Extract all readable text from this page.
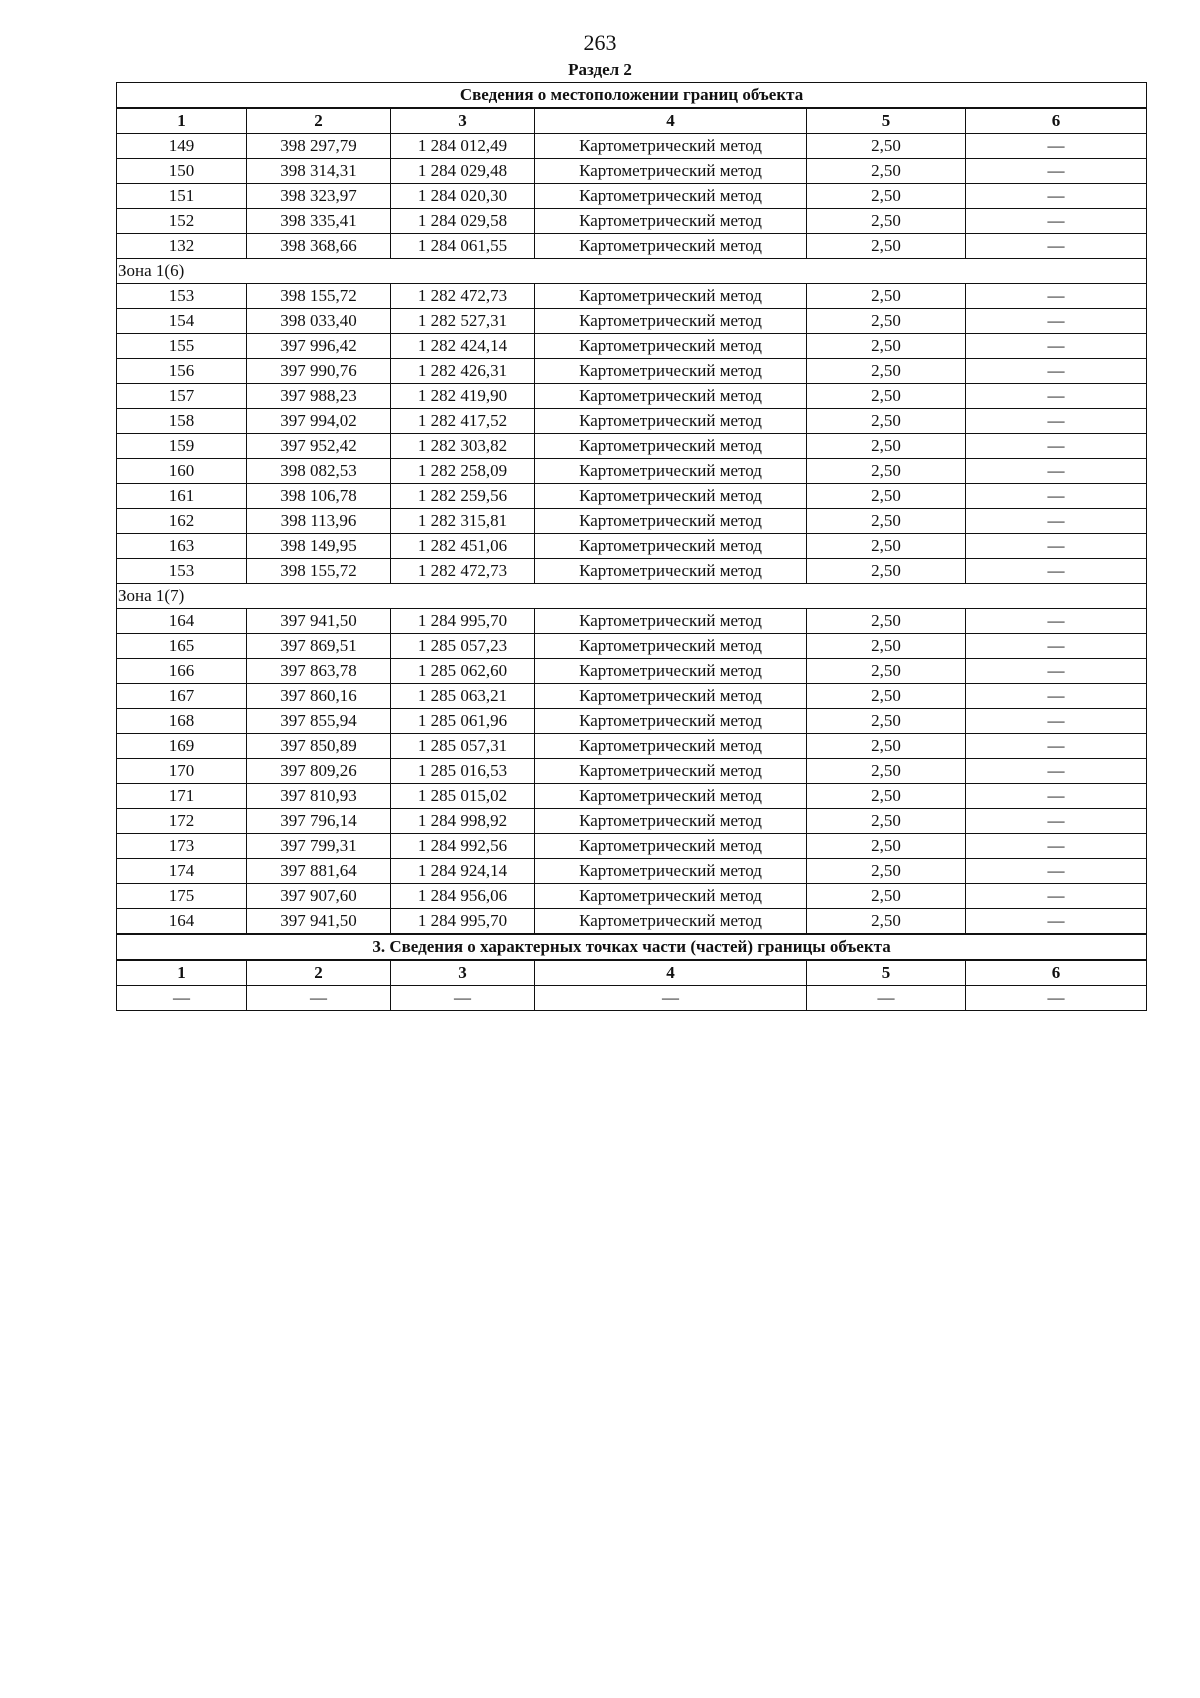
263
Раздел 2
Сведения о местоположении границ объекта					
1	2	3	4	5	6
149	398 297,79	1 284 012,49	Картометрический метод	2,50	—
150	398 314,31	1 284 029,48	Картометрический метод	2,50	—
151	398 323,97	1 284 020,30	Картометрический метод	2,50	—
152	398 335,41	1 284 029,58	Картометрический метод	2,50	—
132	398 368,66	1 284 061,55	Картометрический метод	2,50	—
Зона 1(6)					
153	398 155,72	1 282 472,73	Картометрический метод	2,50	—
154	398 033,40	1 282 527,31	Картометрический метод	2,50	—
155	397 996,42	1 282 424,14	Картометрический метод	2,50	—
156	397 990,76	1 282 426,31	Картометрический метод	2,50	—
157	397 988,23	1 282 419,90	Картометрический метод	2,50	—
158	397 994,02	1 282 417,52	Картометрический метод	2,50	—
159	397 952,42	1 282 303,82	Картометрический метод	2,50	—
160	398 082,53	1 282 258,09	Картометрический метод	2,50	—
161	398 106,78	1 282 259,56	Картометрический метод	2,50	—
162	398 113,96	1 282 315,81	Картометрический метод	2,50	—
163	398 149,95	1 282 451,06	Картометрический метод	2,50	—
153	398 155,72	1 282 472,73	Картометрический метод	2,50	—
Зона 1(7)					
164	397 941,50	1 284 995,70	Картометрический метод	2,50	—
165	397 869,51	1 285 057,23	Картометрический метод	2,50	—
166	397 863,78	1 285 062,60	Картометрический метод	2,50	—
167	397 860,16	1 285 063,21	Картометрический метод	2,50	—
168	397 855,94	1 285 061,96	Картометрический метод	2,50	—
169	397 850,89	1 285 057,31	Картометрический метод	2,50	—
170	397 809,26	1 285 016,53	Картометрический метод	2,50	—
171	397 810,93	1 285 015,02	Картометрический метод	2,50	—
172	397 796,14	1 284 998,92	Картометрический метод	2,50	—
173	397 799,31	1 284 992,56	Картометрический метод	2,50	—
174	397 881,64	1 284 924,14	Картометрический метод	2,50	—
175	397 907,60	1 284 956,06	Картометрический метод	2,50	—
164	397 941,50	1 284 995,70	Картометрический метод	2,50	—
3. Сведения о характерных точках части (частей) границы объекта					
1	2	3	4	5	6
—	—	—	—	—	—
